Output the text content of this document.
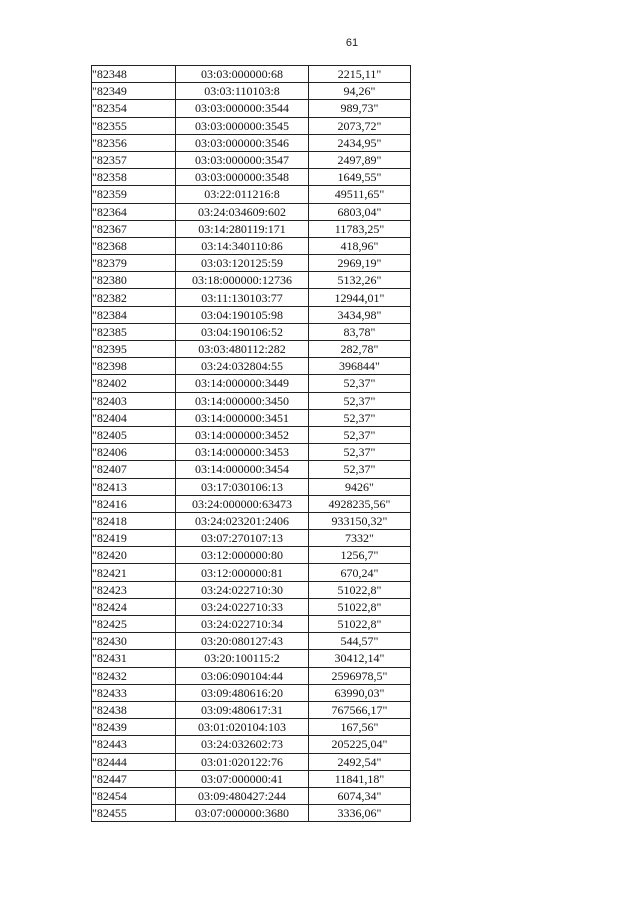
61
"82348	03:03:000000:68	2215,11"
"82349	03:03:110103:8	94,26"
"82354	03:03:000000:3544	989,73"
"82355	03:03:000000:3545	2073,72"
"82356	03:03:000000:3546	2434,95"
"82357	03:03:000000:3547	2497,89"
"82358	03:03:000000:3548	1649,55"
"82359	03:22:011216:8	49511,65"
"82364	03:24:034609:602	6803,04"
"82367	03:14:280119:171	11783,25"
"82368	03:14:340110:86	418,96"
"82379	03:03:120125:59	2969,19"
"82380	03:18:000000:12736	5132,26"
"82382	03:11:130103:77	12944,01"
"82384	03:04:190105:98	3434,98"
"82385	03:04:190106:52	83,78"
"82395	03:03:480112:282	282,78"
"82398	03:24:032804:55	396844"
"82402	03:14:000000:3449	52,37"
"82403	03:14:000000:3450	52,37"
"82404	03:14:000000:3451	52,37"
"82405	03:14:000000:3452	52,37"
"82406	03:14:000000:3453	52,37"
"82407	03:14:000000:3454	52,37"
"82413	03:17:030106:13	9426"
"82416	03:24:000000:63473	4928235,56"
"82418	03:24:023201:2406	933150,32"
"82419	03:07:270107:13	7332"
"82420	03:12:000000:80	1256,7"
"82421	03:12:000000:81	670,24"
"82423	03:24:022710:30	51022,8"
"82424	03:24:022710:33	51022,8"
"82425	03:24:022710:34	51022,8"
"82430	03:20:080127:43	544,57"
"82431	03:20:100115:2	30412,14"
"82432	03:06:090104:44	2596978,5"
"82433	03:09:480616:20	63990,03"
"82438	03:09:480617:31	767566,17"
"82439	03:01:020104:103	167,56"
"82443	03:24:032602:73	205225,04"
"82444	03:01:020122:76	2492,54"
"82447	03:07:000000:41	11841,18"
"82454	03:09:480427:244	6074,34"
"82455	03:07:000000:3680	3336,06"
